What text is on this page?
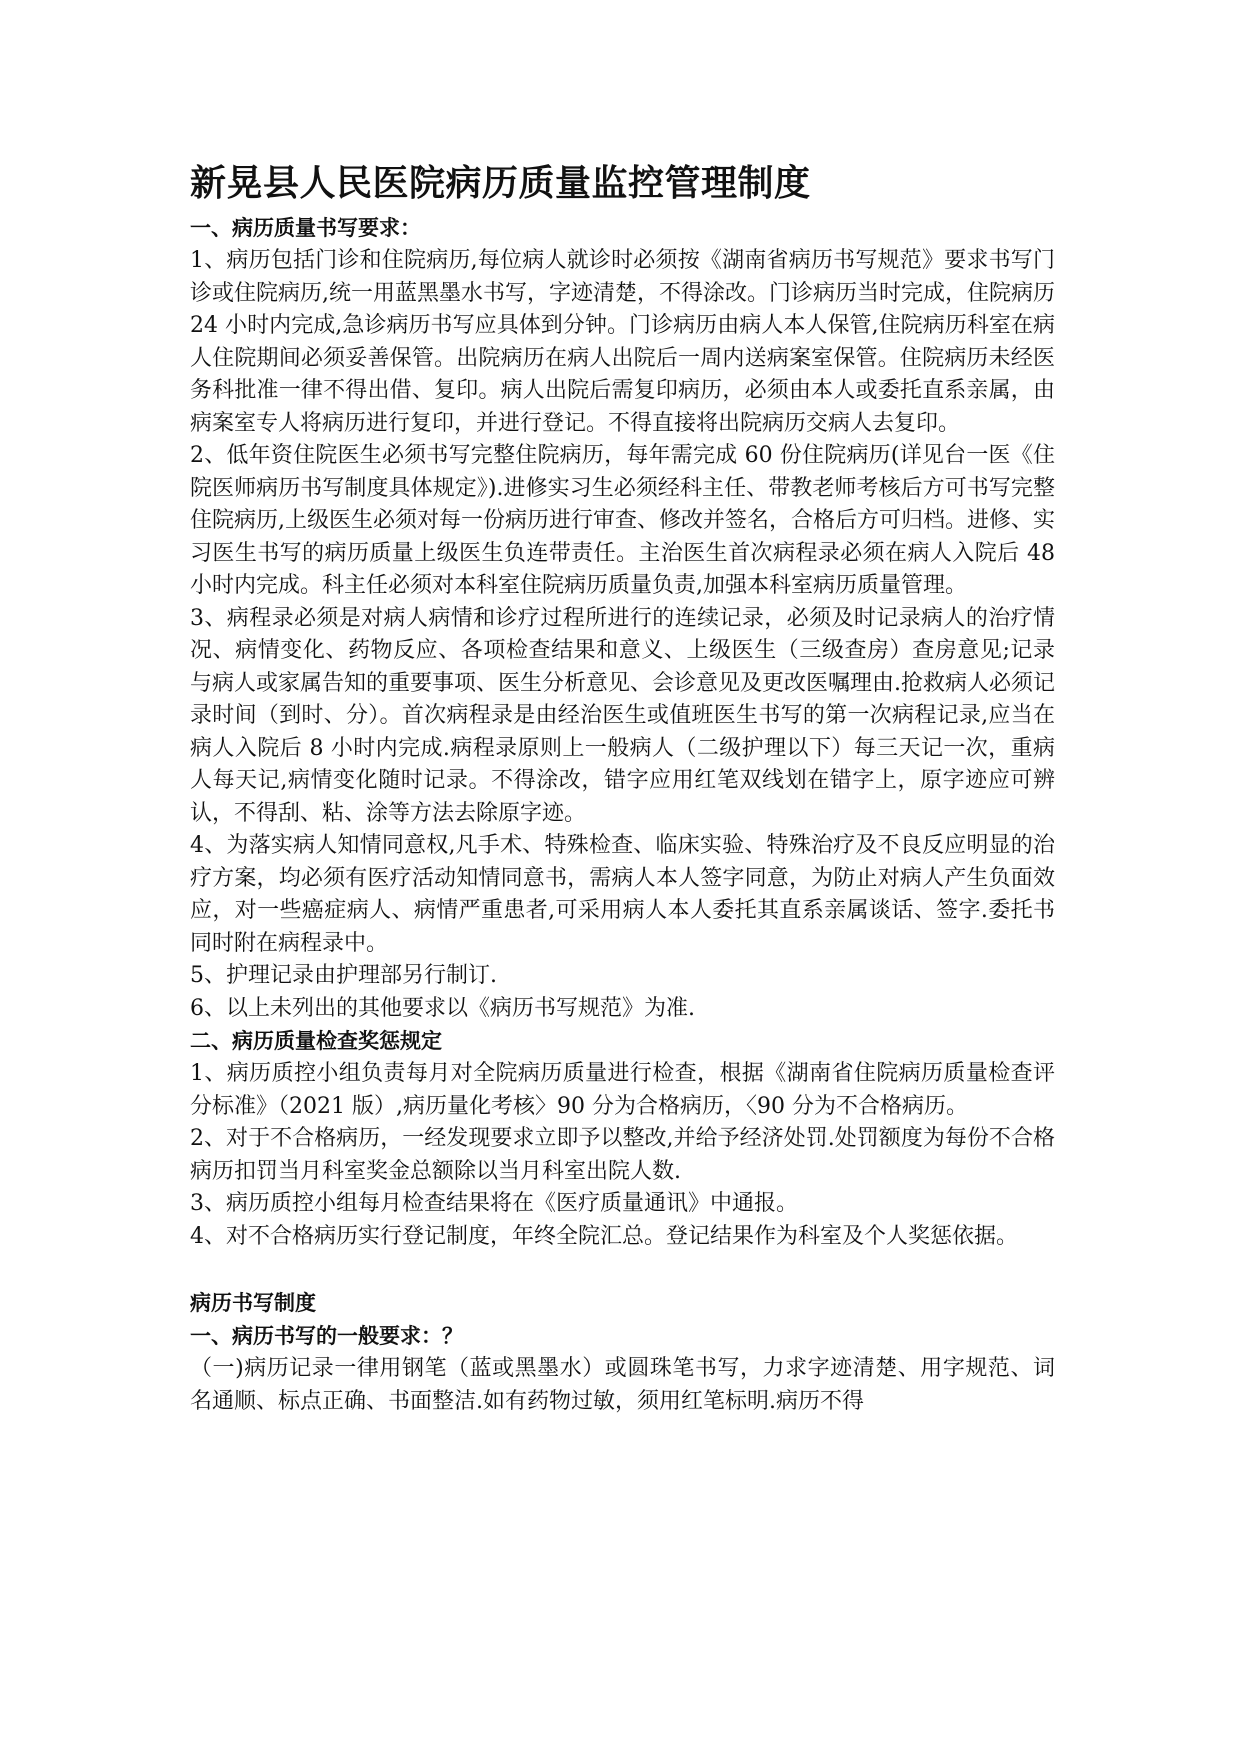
新晃县人民医院病历质量监控管理制度
一、病历质量书写要求：

1、病历包括门诊和住院病历,每位病人就诊时必须按《湖南省病历书写规范》要求书写门诊或住院病历,统一用蓝黑墨水书写，字迹清楚，不得涂改。门诊病历当时完成，住院病历 24 小时内完成,急诊病历书写应具体到分钟。门诊病历由病人本人保管,住院病历科室在病人住院期间必须妥善保管。出院病历在病人出院后一周内送病案室保管。住院病历未经医务科批准一律不得出借、复印。病人出院后需复印病历，必须由本人或委托直系亲属，由病案室专人将病历进行复印，并进行登记。不得直接将出院病历交病人去复印。

2、低年资住院医生必须书写完整住院病历，每年需完成 60 份住院病历(详见台一医《住院医师病历书写制度具体规定》).进修实习生必须经科主任、带教老师考核后方可书写完整住院病历,上级医生必须对每一份病历进行审查、修改并签名，合格后方可归档。进修、实习医生书写的病历质量上级医生负连带责任。主治医生首次病程录必须在病人入院后 48 小时内完成。科主任必须对本科室住院病历质量负责,加强本科室病历质量管理。

3、病程录必须是对病人病情和诊疗过程所进行的连续记录，必须及时记录病人的治疗情况、病情变化、药物反应、各项检查结果和意义、上级医生（三级查房）查房意见;记录与病人或家属告知的重要事项、医生分析意见、会诊意见及更改医嘱理由.抢救病人必须记录时间（到时、分）。首次病程录是由经治医生或值班医生书写的第一次病程记录,应当在病人入院后 8 小时内完成.病程录原则上一般病人（二级护理以下）每三天记一次，重病人每天记,病情变化随时记录。不得涂改，错字应用红笔双线划在错字上，原字迹应可辨认，不得刮、粘、涂等方法去除原字迹。

4、为落实病人知情同意权,凡手术、特殊检查、临床实验、特殊治疗及不良反应明显的治疗方案，均必须有医疗活动知情同意书，需病人本人签字同意，为防止对病人产生负面效应，对一些癌症病人、病情严重患者,可采用病人本人委托其直系亲属谈话、签字.委托书同时附在病程录中。

5、护理记录由护理部另行制订.

6、以上未列出的其他要求以《病历书写规范》为准.

二、病历质量检查奖惩规定

1、病历质控小组负责每月对全院病历质量进行检查，根据《湖南省住院病历质量检查评分标准》（2021 版）,病历量化考核〉90 分为合格病历，〈90 分为不合格病历。

2、对于不合格病历，一经发现要求立即予以整改,并给予经济处罚.处罚额度为每份不合格病历扣罚当月科室奖金总额除以当月科室出院人数.

3、病历质控小组每月检查结果将在《医疗质量通讯》中通报。

4、对不合格病历实行登记制度，年终全院汇总。登记结果作为科室及个人奖惩依据。

病历书写制度
一、病历书写的一般要求：？

（一)病历记录一律用钢笔（蓝或黑墨水）或圆珠笔书写，力求字迹清楚、用字规范、词名通顺、标点正确、书面整洁.如有药物过敏，须用红笔标明.病历不得
